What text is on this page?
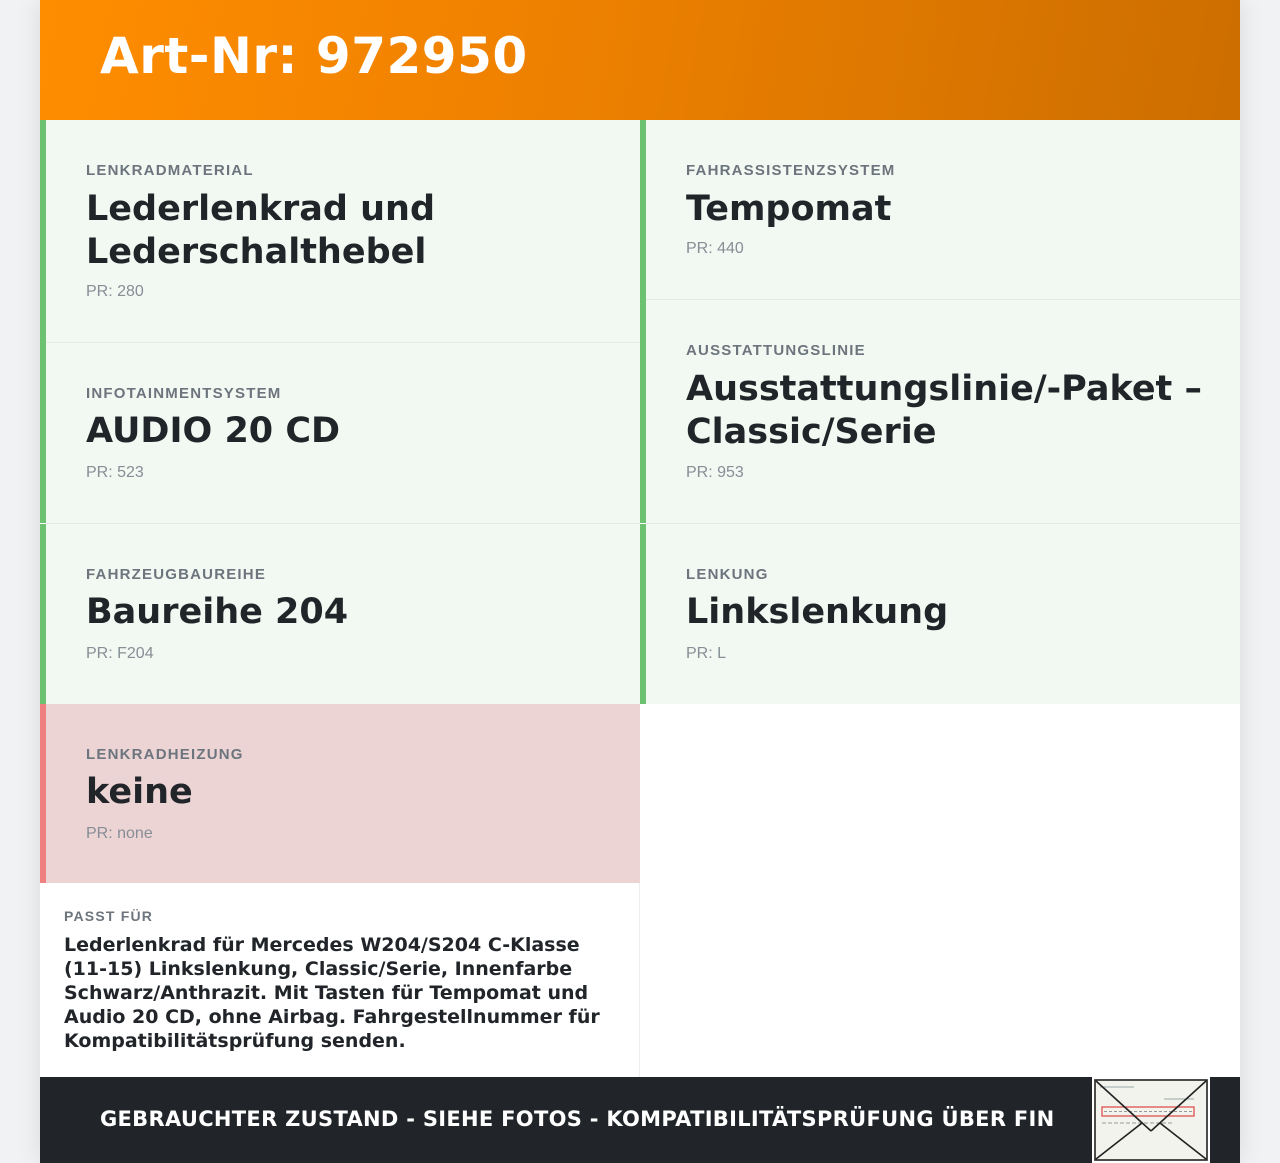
Art-Nr: 972950
LENKRADMATERIAL
Lederlenkrad und Lederschalthebel
PR: 280
INFOTAINMENTSYSTEM
AUDIO 20 CD
PR: 523
FAHRZEUGBAUREIHE
Baureihe 204
PR: F204
LENKRADHEIZUNG
keine
PR: none
FAHRASSISTENZSYSTEM
Tempomat
PR: 440
AUSSTATTUNGSLINIE
Ausstattungslinie/-Paket – Classic/Serie
PR: 953
LENKUNG
Linkslenkung
PR: L
PASST FÜR
Lederlenkrad für Mercedes W204/S204 C-Klasse (11-15) Linkslenkung, Classic/Serie, Innenfarbe Schwarz/Anthrazit. Mit Tasten für Tempomat und Audio 20 CD, ohne Airbag. Fahrgestellnummer für Kompatibilitätsprüfung senden.
GEBRAUCHTER ZUSTAND - SIEHE FOTOS - KOMPATIBILITÄTSPRÜFUNG ÜBER FIN
